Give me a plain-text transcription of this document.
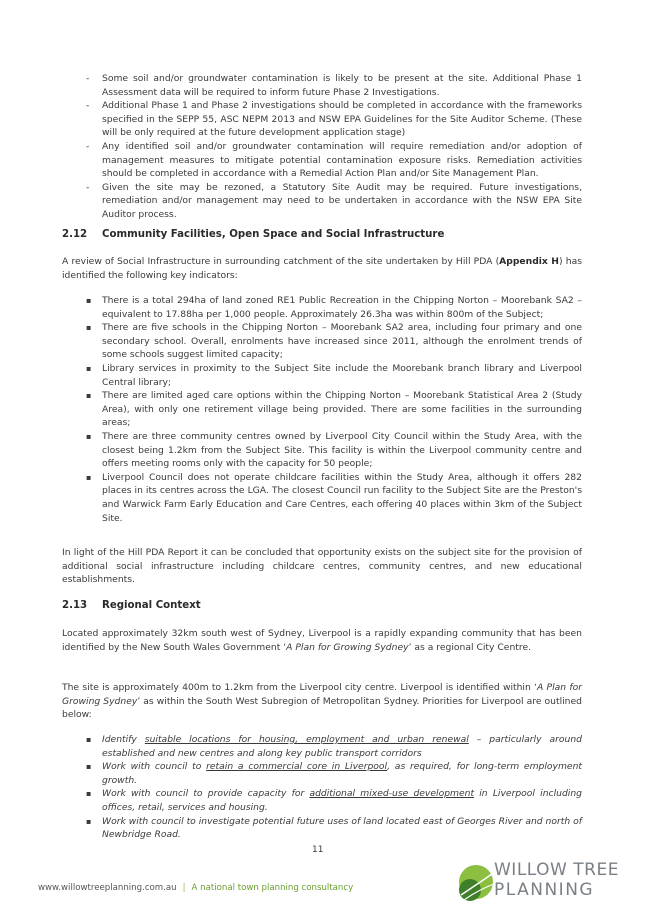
- Some soil and/or groundwater contamination is likely to be present at the site. Additional Phase 1 Assessment data will be required to inform future Phase 2 Investigations.
- Additional Phase 1 and Phase 2 investigations should be completed in accordance with the frameworks specified in the SEPP 55, ASC NEPM 2013 and NSW EPA Guidelines for the Site Auditor Scheme. (These will be only required at the future development application stage)
- Any identified soil and/or groundwater contamination will require remediation and/or adoption of management measures to mitigate potential contamination exposure risks. Remediation activities should be completed in accordance with a Remedial Action Plan and/or Site Management Plan.
- Given the site may be rezoned, a Statutory Site Audit may be required. Future investigations, remediation and/or management may need to be undertaken in accordance with the NSW EPA Site Auditor process.
2.12 Community Facilities, Open Space and Social Infrastructure

A review of Social Infrastructure in surrounding catchment of the site undertaken by Hill PDA (Appendix H) has identified the following key indicators:

▪ There is a total 294ha of land zoned RE1 Public Recreation in the Chipping Norton – Moorebank SA2 – equivalent to 17.88ha per 1,000 people. Approximately 26.3ha was within 800m of the Subject;
▪ There are five schools in the Chipping Norton – Moorebank SA2 area, including four primary and one secondary school. Overall, enrolments have increased since 2011, although the enrolment trends of some schools suggest limited capacity;
▪ Library services in proximity to the Subject Site include the Moorebank branch library and Liverpool Central library;
▪ There are limited aged care options within the Chipping Norton – Moorebank Statistical Area 2 (Study Area), with only one retirement village being provided. There are some facilities in the surrounding areas;
▪ There are three community centres owned by Liverpool City Council within the Study Area, with the closest being 1.2km from the Subject Site. This facility is within the Liverpool community centre and offers meeting rooms only with the capacity for 50 people;
▪ Liverpool Council does not operate childcare facilities within the Study Area, although it offers 282 places in its centres across the LGA. The closest Council run facility to the Subject Site are the Preston's and Warwick Farm Early Education and Care Centres, each offering 40 places within 3km of the Subject Site.

In light of the Hill PDA Report it can be concluded that opportunity exists on the subject site for the provision of additional social infrastructure including childcare centres, community centres, and new educational establishments.

2.13 Regional Context

Located approximately 32km south west of Sydney, Liverpool is a rapidly expanding community that has been identified by the New South Wales Government ‘A Plan for Growing Sydney’ as a regional City Centre.

The site is approximately 400m to 1.2km from the Liverpool city centre. Liverpool is identified within ‘A Plan for Growing Sydney’ as within the South West Subregion of Metropolitan Sydney. Priorities for Liverpool are outlined below:

▪ Identify suitable locations for housing, employment and urban renewal – particularly around established and new centres and along key public transport corridors
▪ Work with council to retain a commercial core in Liverpool, as required, for long-term employment growth.
▪ Work with council to provide capacity for additional mixed-use development in Liverpool including offices, retail, services and housing.
▪ Work with council to investigate potential future uses of land located east of Georges River and north of Newbridge Road.
11
www.willowtreeplanning.com.au | A national town planning consultancy
WILLOW TREE
PLANNING
